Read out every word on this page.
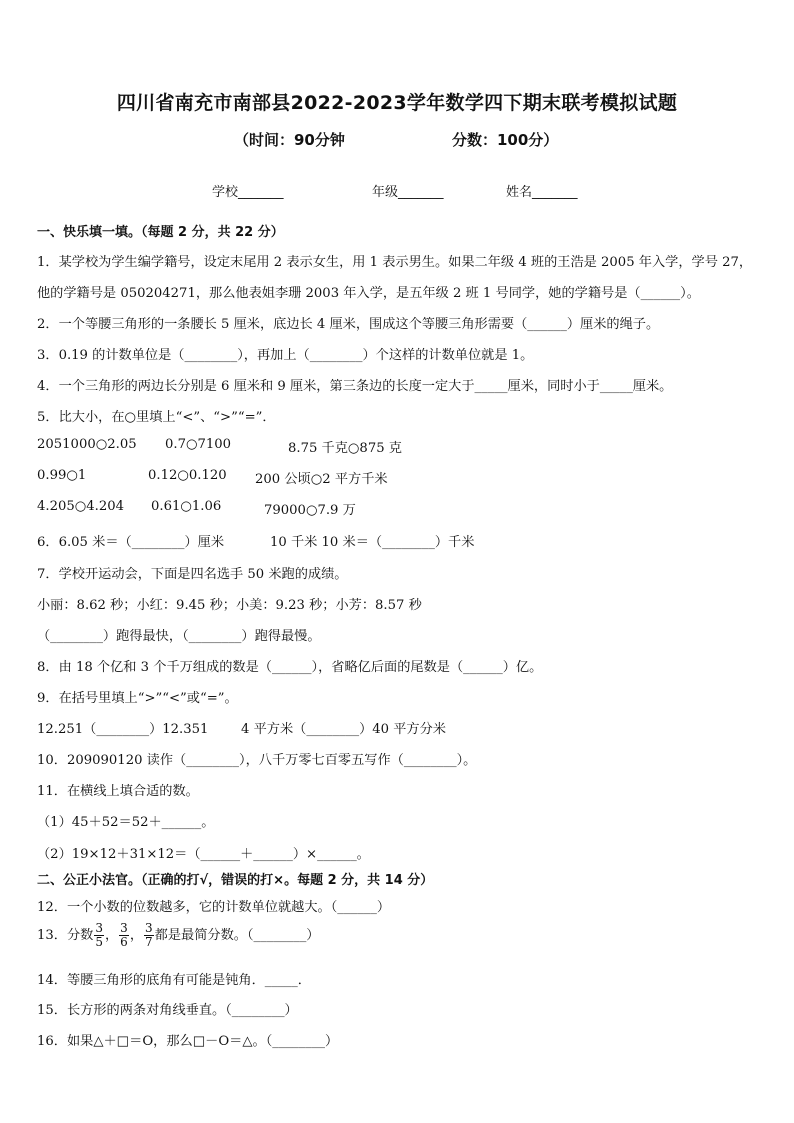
四川省南充市南部县2022-2023学年数学四下期末联考模拟试题
（时间：90分钟	分数：100分）
学校_______	年级_______	姓名_______
一、快乐填一填。（每题 2 分，共 22 分）
1．某学校为学生编学籍号，设定末尾用 2 表示女生，用 1 表示男生。如果二年级 4 班的王浩是 2005 年入学，学号 27，
他的学籍号是 050204271，那么他表姐李珊 2003 年入学，是五年级 2 班 1 号同学，她的学籍号是（______）。
2．一个等腰三角形的一条腰长 5 厘米，底边长 4 厘米，围成这个等腰三角形需要（______）厘米的绳子。
3．0.19 的计数单位是（________），再加上（________）个这样的计数单位就是 1。
4．一个三角形的两边长分别是 6 厘米和 9 厘米，第三条边的长度一定大于_____厘米，同时小于_____厘米。
5．比大小，在○里填上“<”、“>”“=”．
2051000○2.05 0.7○7100	8.75 千克○875 克
0.99○1	0.12○0.120 200 公顷○2 平方千米
4.205○4.204 0.61○1.06	79000○7.9 万
6．6.05 米＝（________）厘米	10 千米 10 米＝（________）千米
7．学校开运动会，下面是四名选手 50 米跑的成绩。
小丽：8.62 秒；小红：9.45 秒；小美：9.23 秒；小芳：8.57 秒
（________）跑得最快，（________）跑得最慢。
8．由 18 个亿和 3 个千万组成的数是（______），省略亿后面的尾数是（______）亿。
9．在括号里填上“>”“<”或“=”。
12.251（________）12.351 4 平方米（________）40 平方分米
10．209090120 读作（________），八千万零七百零五写作（________）。
11．在横线上填合适的数。
（1）45＋52＝52＋______。
（2）19×12＋31×12＝（______＋______）×______。
二、公正小法官。（正确的打√，错误的打×。每题 2 分，共 14 分）
12．一个小数的位数越多，它的计数单位就越大。（______）
13．分数 $\frac{3}{5}$ ， $\frac{3}{6}$ ， $\frac{3}{7}$ 都是最简分数。（________）
14．等腰三角形的底角有可能是钝角．_____．
15．长方形的两条对角线垂直。（________）
16．如果△＋□＝O，那么□－O＝△。（________）
